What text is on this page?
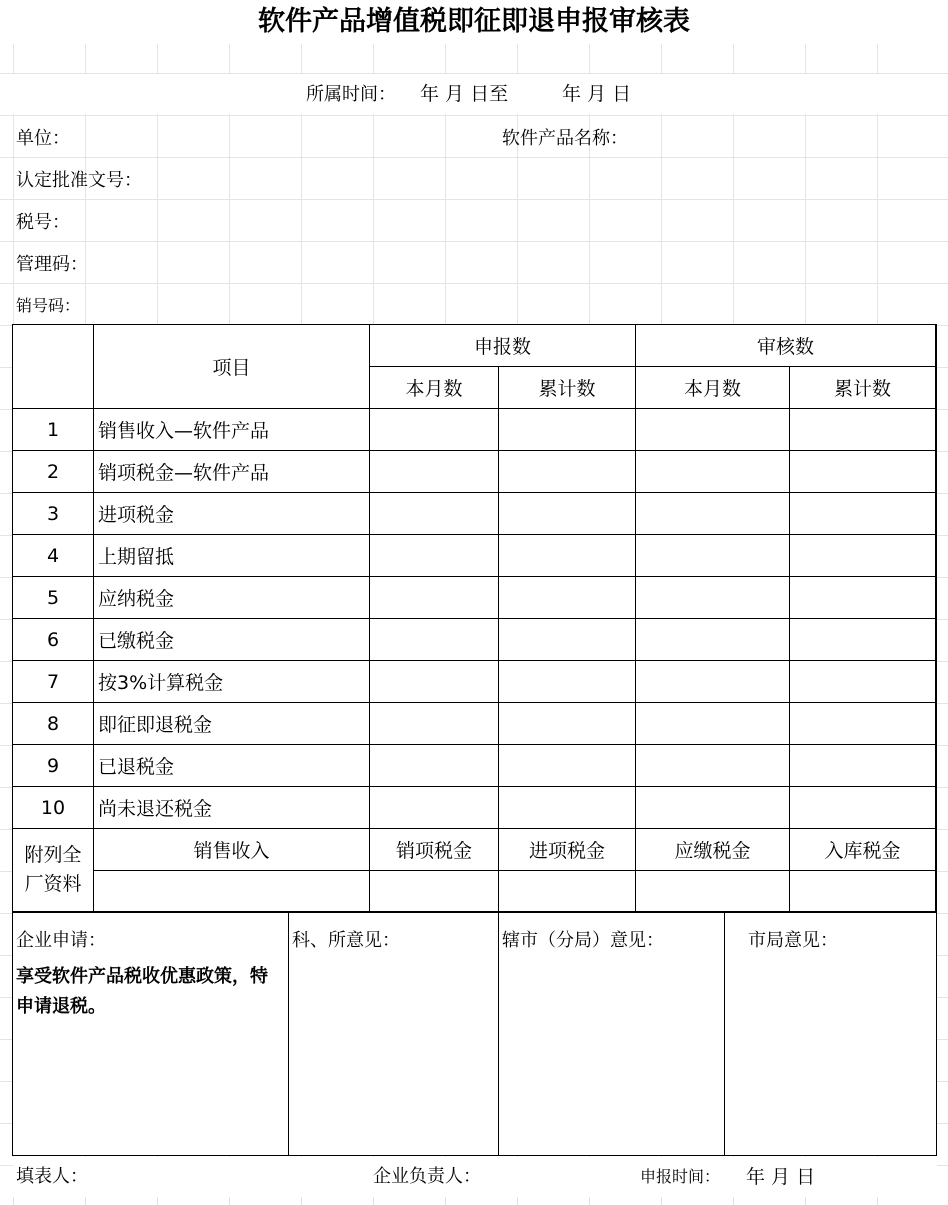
软件产品增值税即征即退申报审核表
所属时间： 年 月 日至	年 月 日
单位：	软件产品名称：
认定批准文号：
税号：
管理码：
销号码：
项目
申报数	审核数
本月数	累计数	本月数	累计数
1	销售收入—软件产品
2	销项税金—软件产品
3	进项税金
4	上期留抵
5	应纳税金
6	已缴税金
7	按3%计算税金
8	即征即退税金
9	已退税金
10	尚未退还税金
附列全
厂资料
销售收入	销项税金	进项税金	应缴税金	入库税金
企业申请：
享受软件产品税收优惠政策，特申请退税。
科、所意见：	辖市（分局）意见：	市局意见：
填表人：	企业负责人：	申报时间： 年 月 日
